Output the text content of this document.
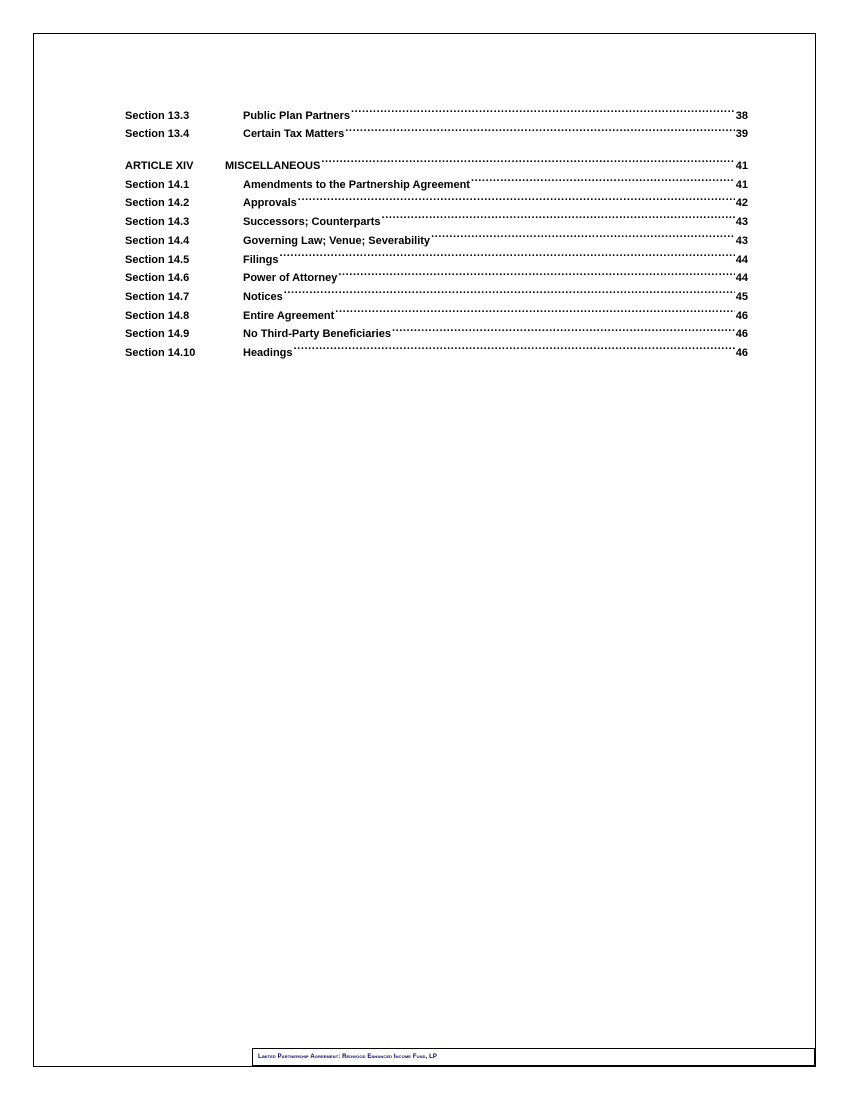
Section 13.3	Public Plan Partners .....	38
Section 13.4	Certain Tax Matters .....	39
ARTICLE XIV	MISCELLANEOUS .....	41
Section 14.1	Amendments to the Partnership Agreement .....	41
Section 14.2	Approvals .....	42
Section 14.3	Successors; Counterparts .....	43
Section 14.4	Governing Law; Venue; Severability .....	43
Section 14.5	Filings .....	44
Section 14.6	Power of Attorney .....	44
Section 14.7	Notices .....	45
Section 14.8	Entire Agreement .....	46
Section 14.9	No Third-Party Beneficiaries .....	46
Section 14.10	Headings .....	46
Limited Partnership Agreement: Redwood Enhanced Income Fund, LP
